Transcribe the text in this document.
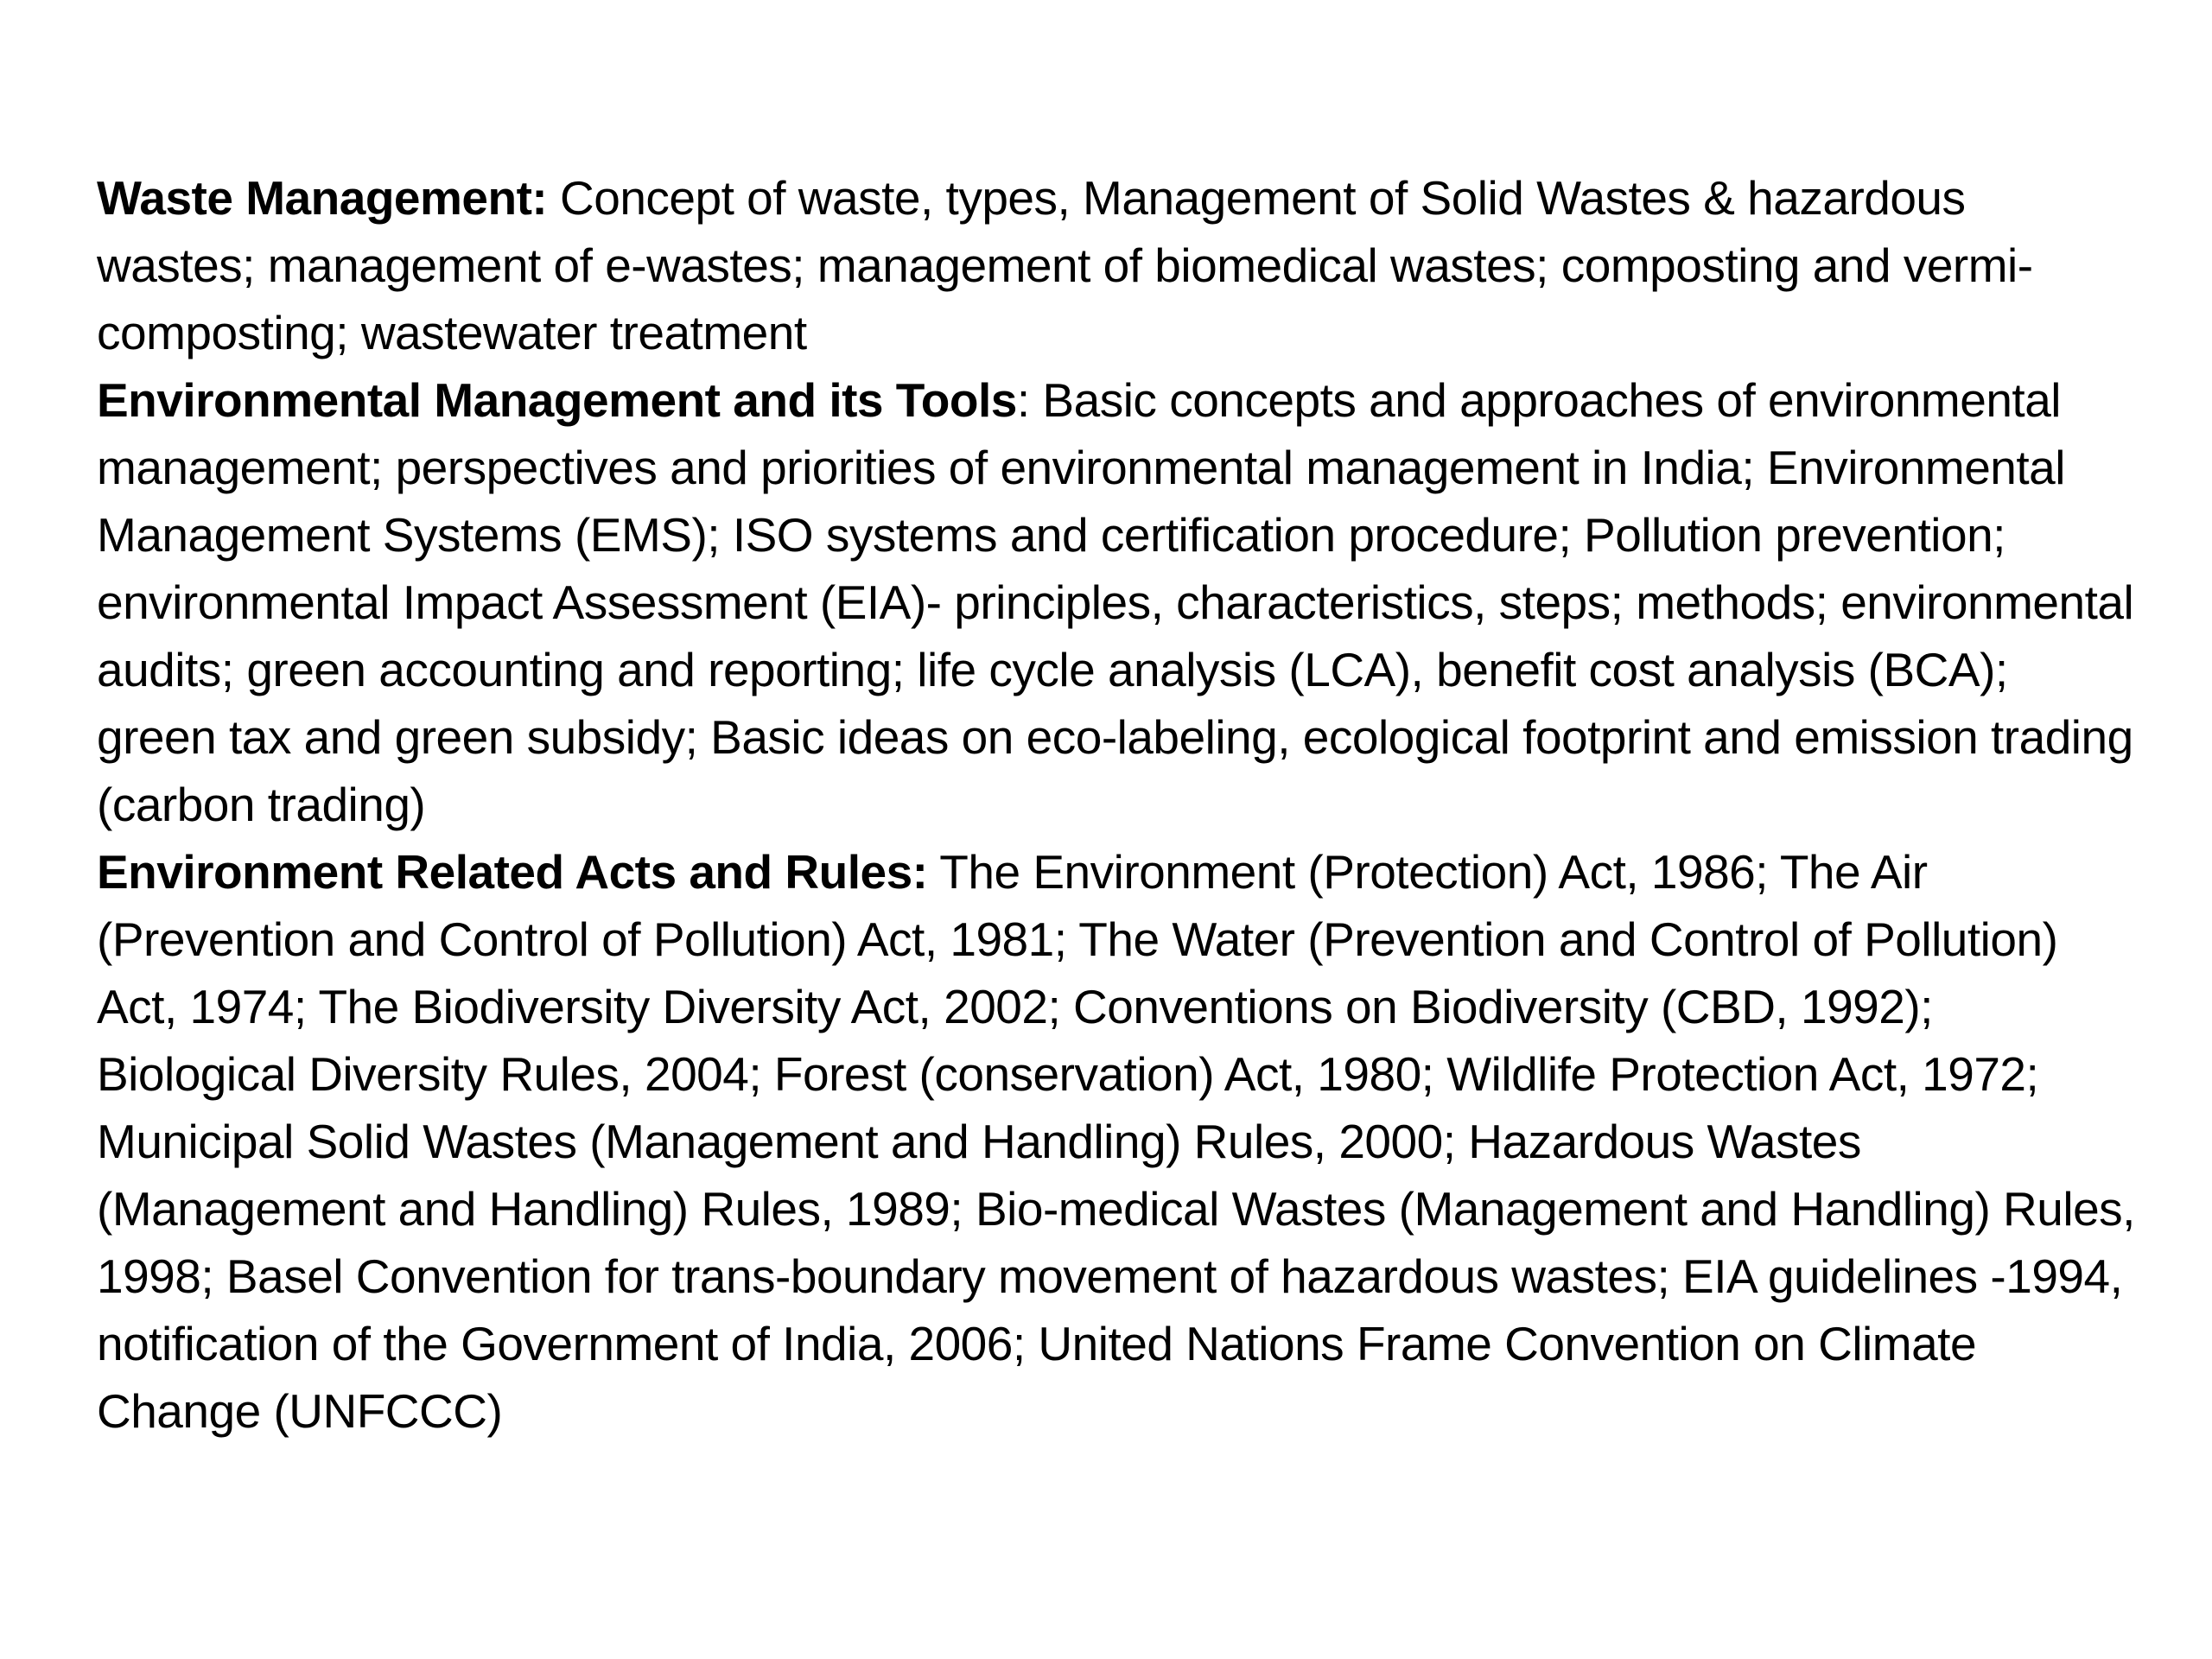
Waste Management: Concept of waste, types, Management of Solid Wastes & hazardous wastes; management of e-wastes; management of biomedical wastes; composting and vermi-composting; wastewater treatment

Environmental Management and its Tools: Basic concepts and approaches of environmental management; perspectives and priorities of environmental management in India; Environmental Management Systems (EMS); ISO systems and certification procedure; Pollution prevention; environmental Impact Assessment (EIA)- principles, characteristics, steps; methods; environmental audits; green accounting and reporting; life cycle analysis (LCA), benefit cost analysis (BCA); green tax and green subsidy; Basic ideas on eco-labeling, ecological footprint and emission trading (carbon trading)

Environment Related Acts and Rules: The Environment (Protection) Act, 1986; The Air (Prevention and Control of Pollution) Act, 1981; The Water (Prevention and Control of Pollution) Act, 1974; The Biodiversity Diversity Act, 2002; Conventions on Biodiversity (CBD, 1992); Biological Diversity Rules, 2004; Forest (conservation) Act, 1980; Wildlife Protection Act, 1972; Municipal Solid Wastes (Management and Handling) Rules, 2000; Hazardous Wastes (Management and Handling) Rules, 1989; Bio-medical Wastes (Management and Handling) Rules, 1998; Basel Convention for trans-boundary movement of hazardous wastes; EIA guidelines -1994, notification of the Government of India, 2006; United Nations Frame Convention on Climate Change (UNFCCC)
